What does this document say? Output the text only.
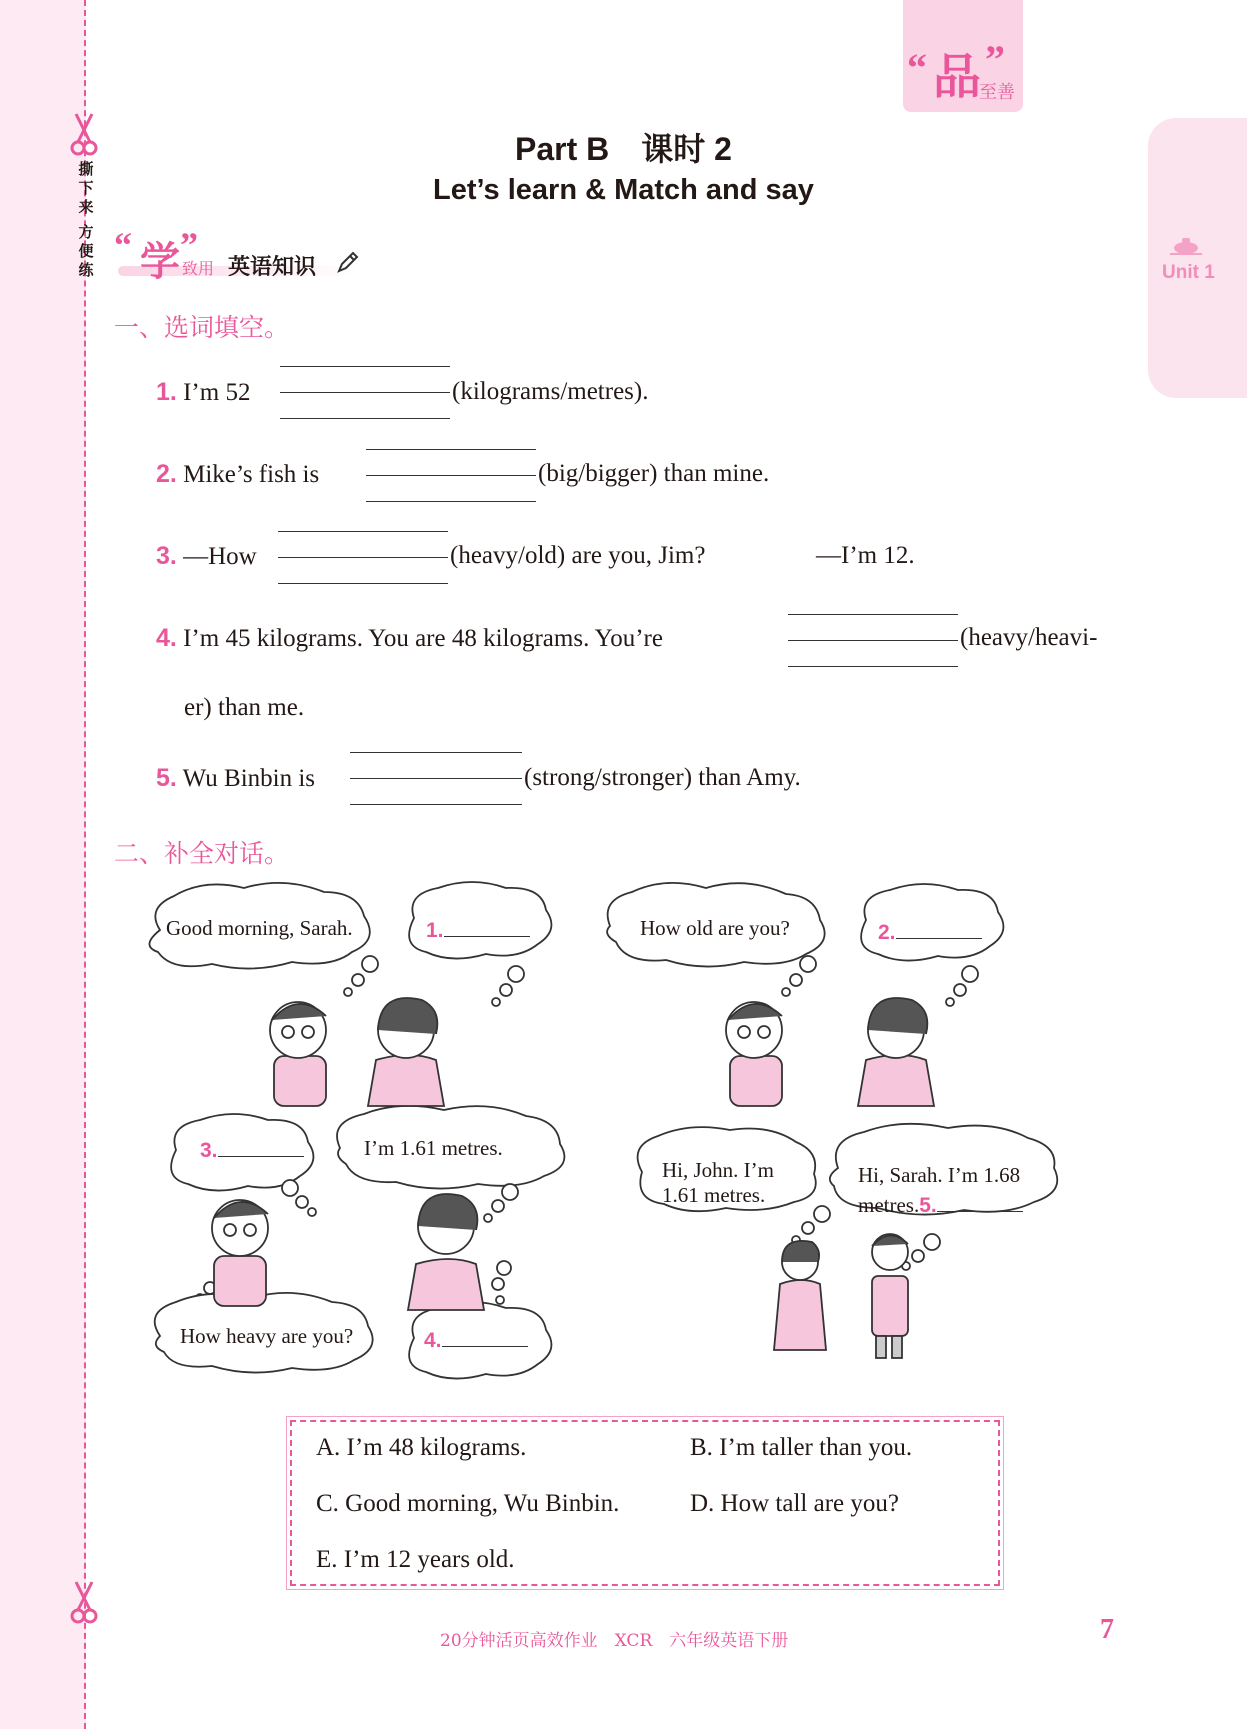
撕
下
来
方
便
练
“ 品 ”
至善
Unit 1
Part B　课时 2
Let’s learn & Match and say
“ 学 ”
致用 英语知识
一、选词填空。
1. I’m 52	(kilograms/metres).
2. Mike’s fish is	(big/bigger) than mine.
3. —How	(heavy/old) are you, Jim?	—I’m 12.
4. I’m 45 kilograms. You are 48 kilograms. You’re	(heavy/heavi-
er) than me.
5. Wu Binbin is	(strong/stronger) than Amy.
二、补全对话。
Good morning, Sarah.	1.	How old are you?	2.
3.	I’m 1.61 metres.
Hi, John. I’m
1.61 metres.
Hi, Sarah. I’m 1.68
metres.5.
How heavy are you?	4.
A. I’m 48 kilograms.	B. I’m taller than you.
C. Good morning, Wu Binbin.	D. How tall are you?
E. I’m 12 years old.
20分钟活页高效作业　XCR　六年级英语下册	7
